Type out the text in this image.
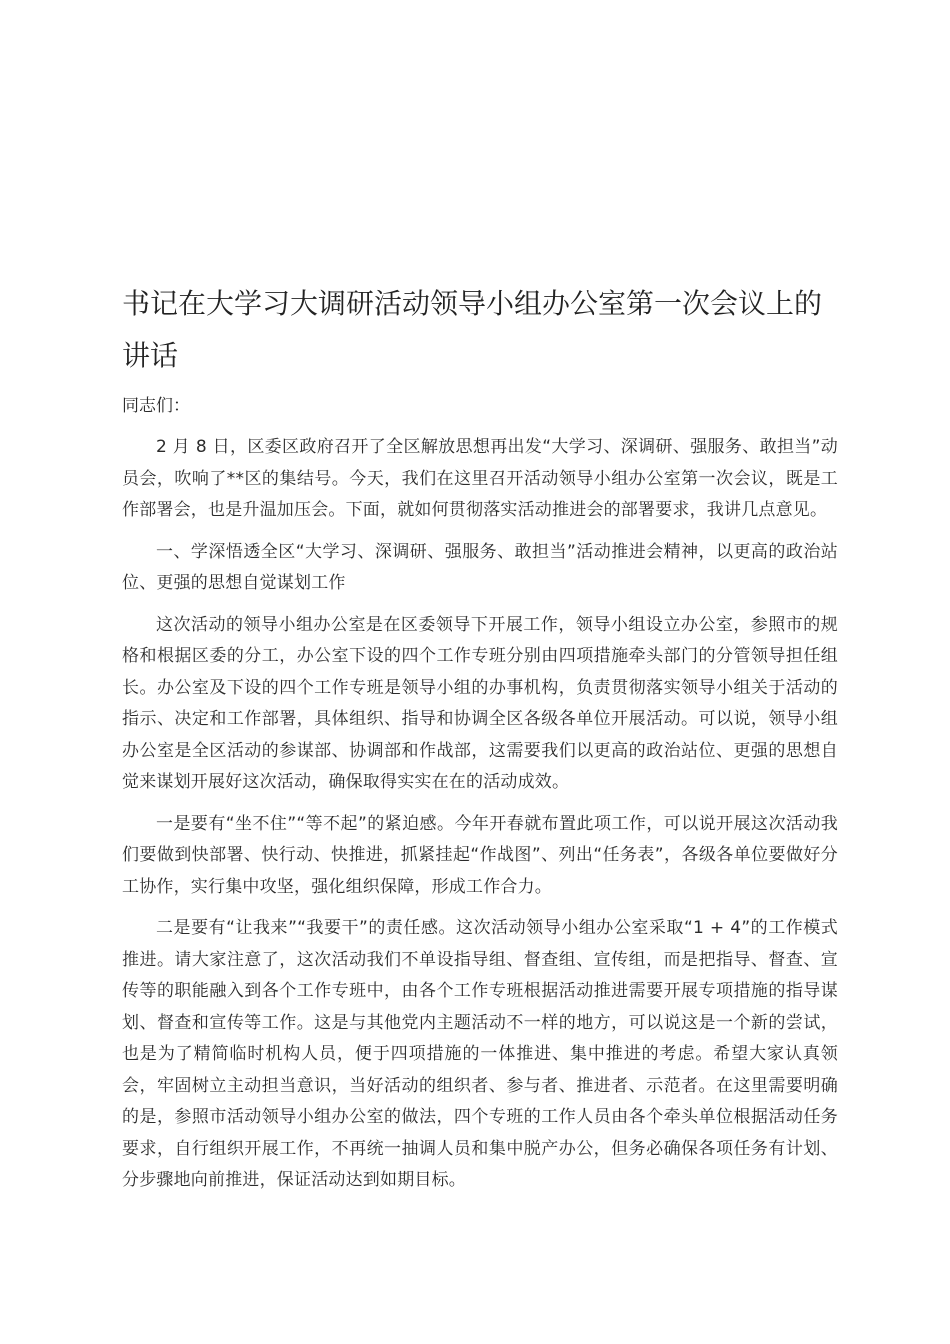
书记在大学习大调研活动领导小组办公室第一次会议上的讲话

同志们：

2 月 8 日，区委区政府召开了全区解放思想再出发“大学习、深调研、强服务、敢担当”动员会，吹响了**区的集结号。今天，我们在这里召开活动领导小组办公室第一次会议，既是工作部署会，也是升温加压会。下面，就如何贯彻落实活动推进会的部署要求，我讲几点意见。

一、学深悟透全区“大学习、深调研、强服务、敢担当”活动推进会精神，以更高的政治站位、更强的思想自觉谋划工作

这次活动的领导小组办公室是在区委领导下开展工作，领导小组设立办公室，参照市的规格和根据区委的分工，办公室下设的四个工作专班分别由四项措施牵头部门的分管领导担任组长。办公室及下设的四个工作专班是领导小组的办事机构，负责贯彻落实领导小组关于活动的指示、决定和工作部署，具体组织、指导和协调全区各级各单位开展活动。可以说，领导小组办公室是全区活动的参谋部、协调部和作战部，这需要我们以更高的政治站位、更强的思想自觉来谋划开展好这次活动，确保取得实实在在的活动成效。

一是要有“坐不住”“等不起”的紧迫感。今年开春就布置此项工作，可以说开展这次活动我们要做到快部署、快行动、快推进，抓紧挂起“作战图”、列出“任务表”，各级各单位要做好分工协作，实行集中攻坚，强化组织保障，形成工作合力。

二是要有“让我来”“我要干”的责任感。这次活动领导小组办公室采取“1 + 4”的工作模式推进。请大家注意了，这次活动我们不单设指导组、督查组、宣传组，而是把指导、督查、宣传等的职能融入到各个工作专班中，由各个工作专班根据活动推进需要开展专项措施的指导谋划、督查和宣传等工作。这是与其他党内主题活动不一样的地方，可以说这是一个新的尝试，也是为了精简临时机构人员，便于四项措施的一体推进、集中推进的考虑。希望大家认真领会，牢固树立主动担当意识，当好活动的组织者、参与者、推进者、示范者。在这里需要明确的是，参照市活动领导小组办公室的做法，四个专班的工作人员由各个牵头单位根据活动任务要求，自行组织开展工作，不再统一抽调人员和集中脱产办公，但务必确保各项任务有计划、分步骤地向前推进，保证活动达到如期目标。
